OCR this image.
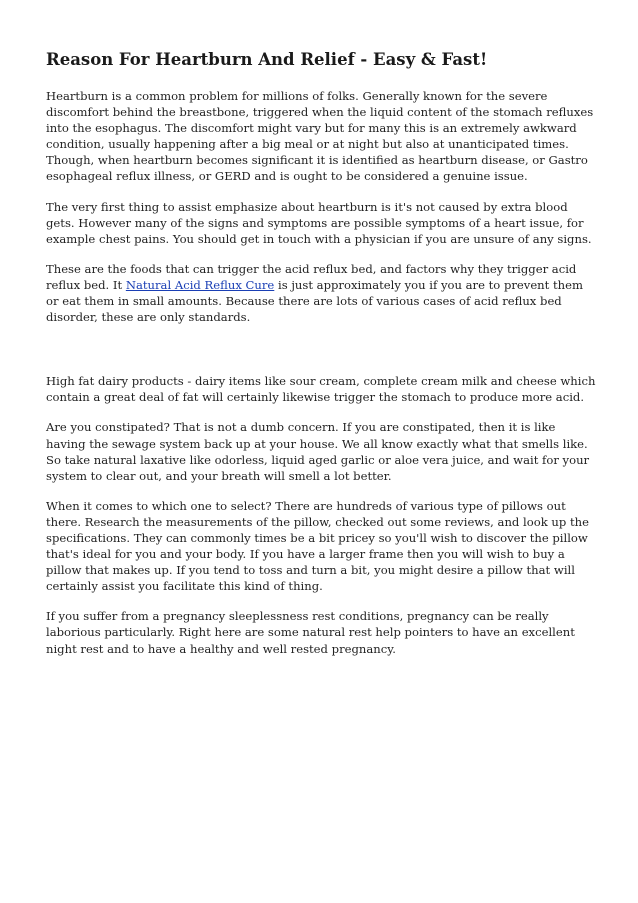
Reason For Heartburn And Relief - Easy & Fast!

Heartburn is a common problem for millions of folks. Generally known for the severe discomfort behind the breastbone, triggered when the liquid content of the stomach refluxes into the esophagus. The discomfort might vary but for many this is an extremely awkward condition, usually happening after a big meal or at night but also at unanticipated times. Though, when heartburn becomes significant it is identified as heartburn disease, or Gastro esophageal reflux illness, or GERD and is ought to be considered a genuine issue.

The very first thing to assist emphasize about heartburn is it's not caused by extra blood gets. However many of the signs and symptoms are possible symptoms of a heart issue, for example chest pains. You should get in touch with a physician if you are unsure of any signs.

These are the foods that can trigger the acid reflux bed, and factors why they trigger acid reflux bed. It Natural Acid Reflux Cure is just approximately you if you are to prevent them or eat them in small amounts. Because there are lots of various cases of acid reflux bed disorder, these are only standards.

High fat dairy products - dairy items like sour cream, complete cream milk and cheese which contain a great deal of fat will certainly likewise trigger the stomach to produce more acid.

Are you constipated? That is not a dumb concern. If you are constipated, then it is like having the sewage system back up at your house. We all know exactly what that smells like. So take natural laxative like odorless, liquid aged garlic or aloe vera juice, and wait for your system to clear out, and your breath will smell a lot better.

When it comes to which one to select? There are hundreds of various type of pillows out there. Research the measurements of the pillow, checked out some reviews, and look up the specifications. They can commonly times be a bit pricey so you'll wish to discover the pillow that's ideal for you and your body. If you have a larger frame then you will wish to buy a pillow that makes up. If you tend to toss and turn a bit, you might desire a pillow that will certainly assist you facilitate this kind of thing.

If you suffer from a pregnancy sleeplessness rest conditions, pregnancy can be really laborious particularly. Right here are some natural rest help pointers to have an excellent night rest and to have a healthy and well rested pregnancy.
